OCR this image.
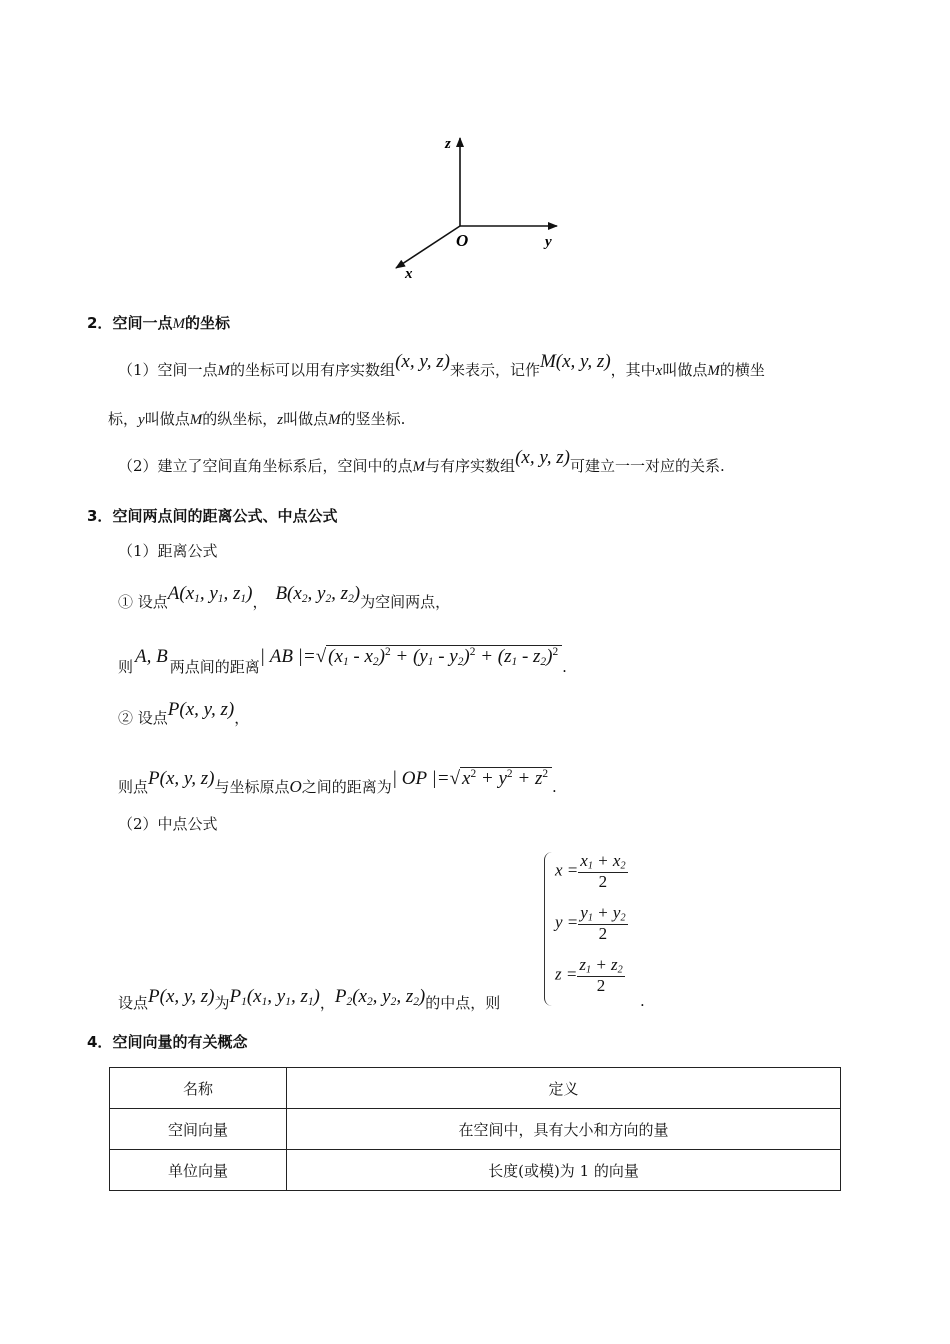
z
y
x
O
2．空间一点M的坐标
（1）空间一点M的坐标可以用有序实数组(x, y, z)来表示，记作M(x, y, z)，其中x叫做点M的横坐
标，y叫做点M的纵坐标，z叫做点M的竖坐标.
（2）建立了空间直角坐标系后，空间中的点M与有序实数组(x, y, z)可建立一一对应的关系.
3．空间两点间的距离公式、中点公式
（1）距离公式
① 设点$A(x_1$, $y_1$, $z_1$)， $B(x_2$, $y_2$, $z_2$)为空间两点，
则 A, B 两点间的距离| AB |=√ $(x_1 - x_2)^2 + (y_1 - y_2)^2 + (z_1 - z_2)^2$.
② 设点P(x, y, z)，
则点P(x, y, z)与坐标原点O之间的距离为| OP |=√ $x^2 + y^2 + z^2$.
（2）中点公式
$x = \frac{x_1 + x_2}{2}$
$y = \frac{y_1 + y_2}{2}$
$z = \frac{z_1 + z_2}{2}$
设点P(x, y, z)为$P_1(x_1$, $y_1$, $z_1$)，$P_2(x_2$, $y_2$, $z_2$)的中点，则	.
4．空间向量的有关概念
名称	定义
空间向量	在空间中，具有大小和方向的量
单位向量	长度(或模)为 1 的向量
